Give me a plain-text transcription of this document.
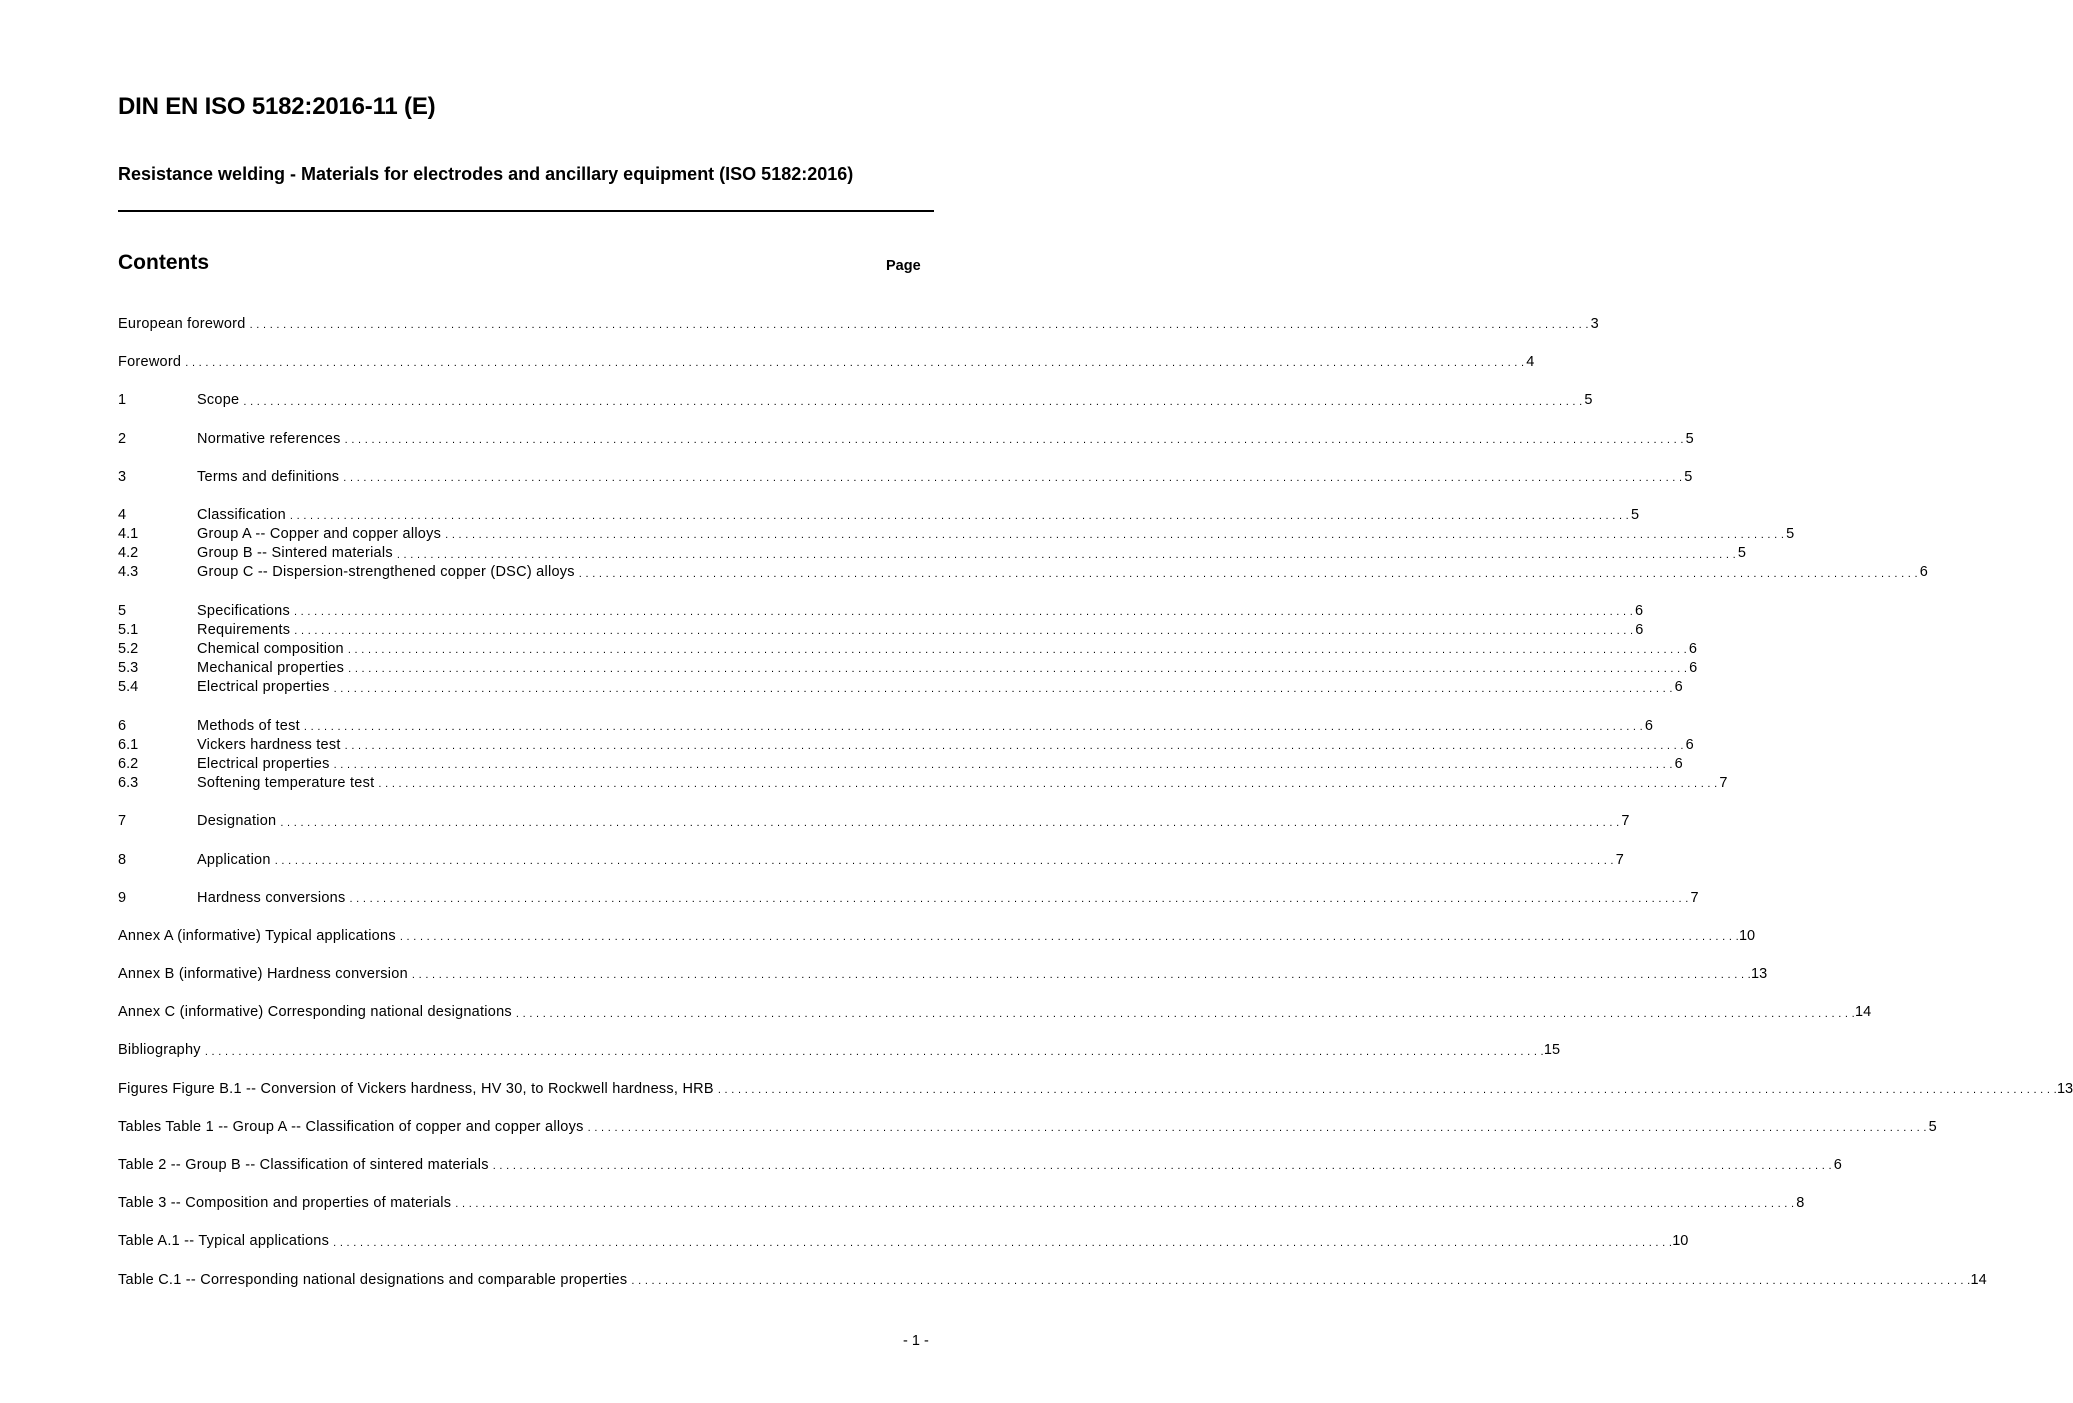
DIN EN ISO 5182:2016-11 (E)
Resistance welding - Materials for electrodes and ancillary equipment (ISO 5182:2016)
Contents	Page
European foreword . . . . . . . . . . . . . . . . . . . . . . . . . . . . . . . . . . . . . . . . . . . . . . . . . . . . . . . . . . . . . . . . . . . . . . . . . . . . . . . . . . . . . . . . . . . . . . . . . . . . . . . . . . . . . . . . . . . . . . . . . . . . . . . . . . . . . . . . . . . . . . . . . . . . . . . . . . . . . . . . . . . . . . . . . . . . . . . . . . . . . . . . . . . . . . . . . . . . . . . . 3
Foreword . . . . . . . . . . . . . . . . . . . . . . . . . . . . . . . . . . . . . . . . . . . . . . . . . . . . . . . . . . . . . . . . . . . . . . . . . . . . . . . . . . . . . . . . . . . . . . . . . . . . . . . . . . . . . . . . . . . . . . . . . . . . . . . . . . . . . . . . . . . . . . . . . . . . . . . . . . . . . . . . . . . . . . . . . . . . . . . . . . . . . . . . . . . . . . . . . . . . . . . . 4
1	Scope . . . . . . . . . . . . . . . . . . . . . . . . . . . . . . . . . . . . . . . . . . . . . . . . . . . . . . . . . . . . . . . . . . . . . . . . . . . . . . . . . . . . . . . . . . . . . . . . . . . . . . . . . . . . . . . . . . . . . . . . . . . . . . . . . . . . . . . . . . . . . . . . . . . . . . . . . . . . . . . . . . . . . . . . . . . . . . . . . . . . . . . . . . . . . . . . . . . . . . . . 5
2	Normative references . . . . . . . . . . . . . . . . . . . . . . . . . . . . . . . . . . . . . . . . . . . . . . . . . . . . . . . . . . . . . . . . . . . . . . . . . . . . . . . . . . . . . . . . . . . . . . . . . . . . . . . . . . . . . . . . . . . . . . . . . . . . . . . . . . . . . . . . . . . . . . . . . . . . . . . . . . . . . . . . . . . . . . . . . . . . . . . . . . . . . . . . . . . . . . . . . . . . . . . . 5
3	Terms and definitions . . . . . . . . . . . . . . . . . . . . . . . . . . . . . . . . . . . . . . . . . . . . . . . . . . . . . . . . . . . . . . . . . . . . . . . . . . . . . . . . . . . . . . . . . . . . . . . . . . . . . . . . . . . . . . . . . . . . . . . . . . . . . . . . . . . . . . . . . . . . . . . . . . . . . . . . . . . . . . . . . . . . . . . . . . . . . . . . . . . . . . . . . . . . . . . . . . . . . . . . 5
4	Classification . . . . . . . . . . . . . . . . . . . . . . . . . . . . . . . . . . . . . . . . . . . . . . . . . . . . . . . . . . . . . . . . . . . . . . . . . . . . . . . . . . . . . . . . . . . . . . . . . . . . . . . . . . . . . . . . . . . . . . . . . . . . . . . . . . . . . . . . . . . . . . . . . . . . . . . . . . . . . . . . . . . . . . . . . . . . . . . . . . . . . . . . . . . . . . . . . . . . . . . . 5
4.1	Group A -- Copper and copper alloys . . . . . . . . . . . . . . . . . . . . . . . . . . . . . . . . . . . . . . . . . . . . . . . . . . . . . . . . . . . . . . . . . . . . . . . . . . . . . . . . . . . . . . . . . . . . . . . . . . . . . . . . . . . . . . . . . . . . . . . . . . . . . . . . . . . . . . . . . . . . . . . . . . . . . . . . . . . . . . . . . . . . . . . . . . . . . . . . . . . . . . . . . . . . . . . . . . . . . . . . 5
4.2	Group B -- Sintered materials . . . . . . . . . . . . . . . . . . . . . . . . . . . . . . . . . . . . . . . . . . . . . . . . . . . . . . . . . . . . . . . . . . . . . . . . . . . . . . . . . . . . . . . . . . . . . . . . . . . . . . . . . . . . . . . . . . . . . . . . . . . . . . . . . . . . . . . . . . . . . . . . . . . . . . . . . . . . . . . . . . . . . . . . . . . . . . . . . . . . . . . . . . . . . . . . . . . . . . . . 5
4.3	Group C -- Dispersion-strengthened copper (DSC) alloys . . . . . . . . . . . . . . . . . . . . . . . . . . . . . . . . . . . . . . . . . . . . . . . . . . . . . . . . . . . . . . . . . . . . . . . . . . . . . . . . . . . . . . . . . . . . . . . . . . . . . . . . . . . . . . . . . . . . . . . . . . . . . . . . . . . . . . . . . . . . . . . . . . . . . . . . . . . . . . . . . . . . . . . . . . . . . . . . . . . . . . . . . . . . . . . . . . . . . . . . 6
5	Specifications . . . . . . . . . . . . . . . . . . . . . . . . . . . . . . . . . . . . . . . . . . . . . . . . . . . . . . . . . . . . . . . . . . . . . . . . . . . . . . . . . . . . . . . . . . . . . . . . . . . . . . . . . . . . . . . . . . . . . . . . . . . . . . . . . . . . . . . . . . . . . . . . . . . . . . . . . . . . . . . . . . . . . . . . . . . . . . . . . . . . . . . . . . . . . . . . . . . . . . . . 6
5.1	Requirements . . . . . . . . . . . . . . . . . . . . . . . . . . . . . . . . . . . . . . . . . . . . . . . . . . . . . . . . . . . . . . . . . . . . . . . . . . . . . . . . . . . . . . . . . . . . . . . . . . . . . . . . . . . . . . . . . . . . . . . . . . . . . . . . . . . . . . . . . . . . . . . . . . . . . . . . . . . . . . . . . . . . . . . . . . . . . . . . . . . . . . . . . . . . . . . . . . . . . . . . 6
5.2	Chemical composition . . . . . . . . . . . . . . . . . . . . . . . . . . . . . . . . . . . . . . . . . . . . . . . . . . . . . . . . . . . . . . . . . . . . . . . . . . . . . . . . . . . . . . . . . . . . . . . . . . . . . . . . . . . . . . . . . . . . . . . . . . . . . . . . . . . . . . . . . . . . . . . . . . . . . . . . . . . . . . . . . . . . . . . . . . . . . . . . . . . . . . . . . . . . . . . . . . . . . . . . 6
5.3	Mechanical properties . . . . . . . . . . . . . . . . . . . . . . . . . . . . . . . . . . . . . . . . . . . . . . . . . . . . . . . . . . . . . . . . . . . . . . . . . . . . . . . . . . . . . . . . . . . . . . . . . . . . . . . . . . . . . . . . . . . . . . . . . . . . . . . . . . . . . . . . . . . . . . . . . . . . . . . . . . . . . . . . . . . . . . . . . . . . . . . . . . . . . . . . . . . . . . . . . . . . . . . . 6
5.4	Electrical properties . . . . . . . . . . . . . . . . . . . . . . . . . . . . . . . . . . . . . . . . . . . . . . . . . . . . . . . . . . . . . . . . . . . . . . . . . . . . . . . . . . . . . . . . . . . . . . . . . . . . . . . . . . . . . . . . . . . . . . . . . . . . . . . . . . . . . . . . . . . . . . . . . . . . . . . . . . . . . . . . . . . . . . . . . . . . . . . . . . . . . . . . . . . . . . . . . . . . . . . . 6
6	Methods of test . . . . . . . . . . . . . . . . . . . . . . . . . . . . . . . . . . . . . . . . . . . . . . . . . . . . . . . . . . . . . . . . . . . . . . . . . . . . . . . . . . . . . . . . . . . . . . . . . . . . . . . . . . . . . . . . . . . . . . . . . . . . . . . . . . . . . . . . . . . . . . . . . . . . . . . . . . . . . . . . . . . . . . . . . . . . . . . . . . . . . . . . . . . . . . . . . . . . . . . . 6
6.1	Vickers hardness test . . . . . . . . . . . . . . . . . . . . . . . . . . . . . . . . . . . . . . . . . . . . . . . . . . . . . . . . . . . . . . . . . . . . . . . . . . . . . . . . . . . . . . . . . . . . . . . . . . . . . . . . . . . . . . . . . . . . . . . . . . . . . . . . . . . . . . . . . . . . . . . . . . . . . . . . . . . . . . . . . . . . . . . . . . . . . . . . . . . . . . . . . . . . . . . . . . . . . . . . 6
6.2	Electrical properties . . . . . . . . . . . . . . . . . . . . . . . . . . . . . . . . . . . . . . . . . . . . . . . . . . . . . . . . . . . . . . . . . . . . . . . . . . . . . . . . . . . . . . . . . . . . . . . . . . . . . . . . . . . . . . . . . . . . . . . . . . . . . . . . . . . . . . . . . . . . . . . . . . . . . . . . . . . . . . . . . . . . . . . . . . . . . . . . . . . . . . . . . . . . . . . . . . . . . . . . 6
6.3	Softening temperature test . . . . . . . . . . . . . . . . . . . . . . . . . . . . . . . . . . . . . . . . . . . . . . . . . . . . . . . . . . . . . . . . . . . . . . . . . . . . . . . . . . . . . . . . . . . . . . . . . . . . . . . . . . . . . . . . . . . . . . . . . . . . . . . . . . . . . . . . . . . . . . . . . . . . . . . . . . . . . . . . . . . . . . . . . . . . . . . . . . . . . . . . . . . . . . . . . . . . . . . . 7
7	Designation . . . . . . . . . . . . . . . . . . . . . . . . . . . . . . . . . . . . . . . . . . . . . . . . . . . . . . . . . . . . . . . . . . . . . . . . . . . . . . . . . . . . . . . . . . . . . . . . . . . . . . . . . . . . . . . . . . . . . . . . . . . . . . . . . . . . . . . . . . . . . . . . . . . . . . . . . . . . . . . . . . . . . . . . . . . . . . . . . . . . . . . . . . . . . . . . . . . . . . . . 7
8	Application . . . . . . . . . . . . . . . . . . . . . . . . . . . . . . . . . . . . . . . . . . . . . . . . . . . . . . . . . . . . . . . . . . . . . . . . . . . . . . . . . . . . . . . . . . . . . . . . . . . . . . . . . . . . . . . . . . . . . . . . . . . . . . . . . . . . . . . . . . . . . . . . . . . . . . . . . . . . . . . . . . . . . . . . . . . . . . . . . . . . . . . . . . . . . . . . . . . . . . . . 7
9	Hardness conversions . . . . . . . . . . . . . . . . . . . . . . . . . . . . . . . . . . . . . . . . . . . . . . . . . . . . . . . . . . . . . . . . . . . . . . . . . . . . . . . . . . . . . . . . . . . . . . . . . . . . . . . . . . . . . . . . . . . . . . . . . . . . . . . . . . . . . . . . . . . . . . . . . . . . . . . . . . . . . . . . . . . . . . . . . . . . . . . . . . . . . . . . . . . . . . . . . . . . . . . . 7
Annex A (informative) Typical applications . . . . . . . . . . . . . . . . . . . . . . . . . . . . . . . . . . . . . . . . . . . . . . . . . . . . . . . . . . . . . . . . . . . . . . . . . . . . . . . . . . . . . . . . . . . . . . . . . . . . . . . . . . . . . . . . . . . . . . . . . . . . . . . . . . . . . . . . . . . . . . . . . . . . . . . . . . . . . . . . . . . . . . . . . . . . . . . . . . . . . . . . . . . . . . . . . . . . . . . . 10
Annex B (informative) Hardness conversion . . . . . . . . . . . . . . . . . . . . . . . . . . . . . . . . . . . . . . . . . . . . . . . . . . . . . . . . . . . . . . . . . . . . . . . . . . . . . . . . . . . . . . . . . . . . . . . . . . . . . . . . . . . . . . . . . . . . . . . . . . . . . . . . . . . . . . . . . . . . . . . . . . . . . . . . . . . . . . . . . . . . . . . . . . . . . . . . . . . . . . . . . . . . . . . . . . . . . . . . 13
Annex C (informative) Corresponding national designations . . . . . . . . . . . . . . . . . . . . . . . . . . . . . . . . . . . . . . . . . . . . . . . . . . . . . . . . . . . . . . . . . . . . . . . . . . . . . . . . . . . . . . . . . . . . . . . . . . . . . . . . . . . . . . . . . . . . . . . . . . . . . . . . . . . . . . . . . . . . . . . . . . . . . . . . . . . . . . . . . . . . . . . . . . . . . . . . . . . . . . . . . . . . . . . . . . . . . . . . 14
Bibliography . . . . . . . . . . . . . . . . . . . . . . . . . . . . . . . . . . . . . . . . . . . . . . . . . . . . . . . . . . . . . . . . . . . . . . . . . . . . . . . . . . . . . . . . . . . . . . . . . . . . . . . . . . . . . . . . . . . . . . . . . . . . . . . . . . . . . . . . . . . . . . . . . . . . . . . . . . . . . . . . . . . . . . . . . . . . . . . . . . . . . . . . . . . . . . . . . . . . . . . . 15
Figures Figure B.1 -- Conversion of Vickers hardness, HV 30, to Rockwell hardness, HRB . . . . . . . . . . . . . . . . . . . . . . . . . . . . . . . . . . . . . . . . . . . . . . . . . . . . . . . . . . . . . . . . . . . . . . . . . . . . . . . . . . . . . . . . . . . . . . . . . . . . . . . . . . . . . . . . . . . . . . . . . . . . . . . . . . . . . . . . . . . . . . . . . . . . . . . . . . . . . . . . . . . . . . . . . . . . . . . . . . . . . . . . . . . . . . . . . . . . . . . . 13
Tables Table 1 -- Group A -- Classification of copper and copper alloys . . . . . . . . . . . . . . . . . . . . . . . . . . . . . . . . . . . . . . . . . . . . . . . . . . . . . . . . . . . . . . . . . . . . . . . . . . . . . . . . . . . . . . . . . . . . . . . . . . . . . . . . . . . . . . . . . . . . . . . . . . . . . . . . . . . . . . . . . . . . . . . . . . . . . . . . . . . . . . . . . . . . . . . . . . . . . . . . . . . . . . . . . . . . . . . . . . . . . . . . 5
Table 2 -- Group B -- Classification of sintered materials . . . . . . . . . . . . . . . . . . . . . . . . . . . . . . . . . . . . . . . . . . . . . . . . . . . . . . . . . . . . . . . . . . . . . . . . . . . . . . . . . . . . . . . . . . . . . . . . . . . . . . . . . . . . . . . . . . . . . . . . . . . . . . . . . . . . . . . . . . . . . . . . . . . . . . . . . . . . . . . . . . . . . . . . . . . . . . . . . . . . . . . . . . . . . . . . . . . . . . . . 6
Table 3 -- Composition and properties of materials . . . . . . . . . . . . . . . . . . . . . . . . . . . . . . . . . . . . . . . . . . . . . . . . . . . . . . . . . . . . . . . . . . . . . . . . . . . . . . . . . . . . . . . . . . . . . . . . . . . . . . . . . . . . . . . . . . . . . . . . . . . . . . . . . . . . . . . . . . . . . . . . . . . . . . . . . . . . . . . . . . . . . . . . . . . . . . . . . . . . . . . . . . . . . . . . . . . . . . . . 8
Table A.1 -- Typical applications . . . . . . . . . . . . . . . . . . . . . . . . . . . . . . . . . . . . . . . . . . . . . . . . . . . . . . . . . . . . . . . . . . . . . . . . . . . . . . . . . . . . . . . . . . . . . . . . . . . . . . . . . . . . . . . . . . . . . . . . . . . . . . . . . . . . . . . . . . . . . . . . . . . . . . . . . . . . . . . . . . . . . . . . . . . . . . . . . . . . . . . . . . . . . . . . . . . . . . . . 10
Table C.1 -- Corresponding national designations and comparable properties . . . . . . . . . . . . . . . . . . . . . . . . . . . . . . . . . . . . . . . . . . . . . . . . . . . . . . . . . . . . . . . . . . . . . . . . . . . . . . . . . . . . . . . . . . . . . . . . . . . . . . . . . . . . . . . . . . . . . . . . . . . . . . . . . . . . . . . . . . . . . . . . . . . . . . . . . . . . . . . . . . . . . . . . . . . . . . . . . . . . . . . . . . . . . . . . . . . . . . . . 14
- 1 -
